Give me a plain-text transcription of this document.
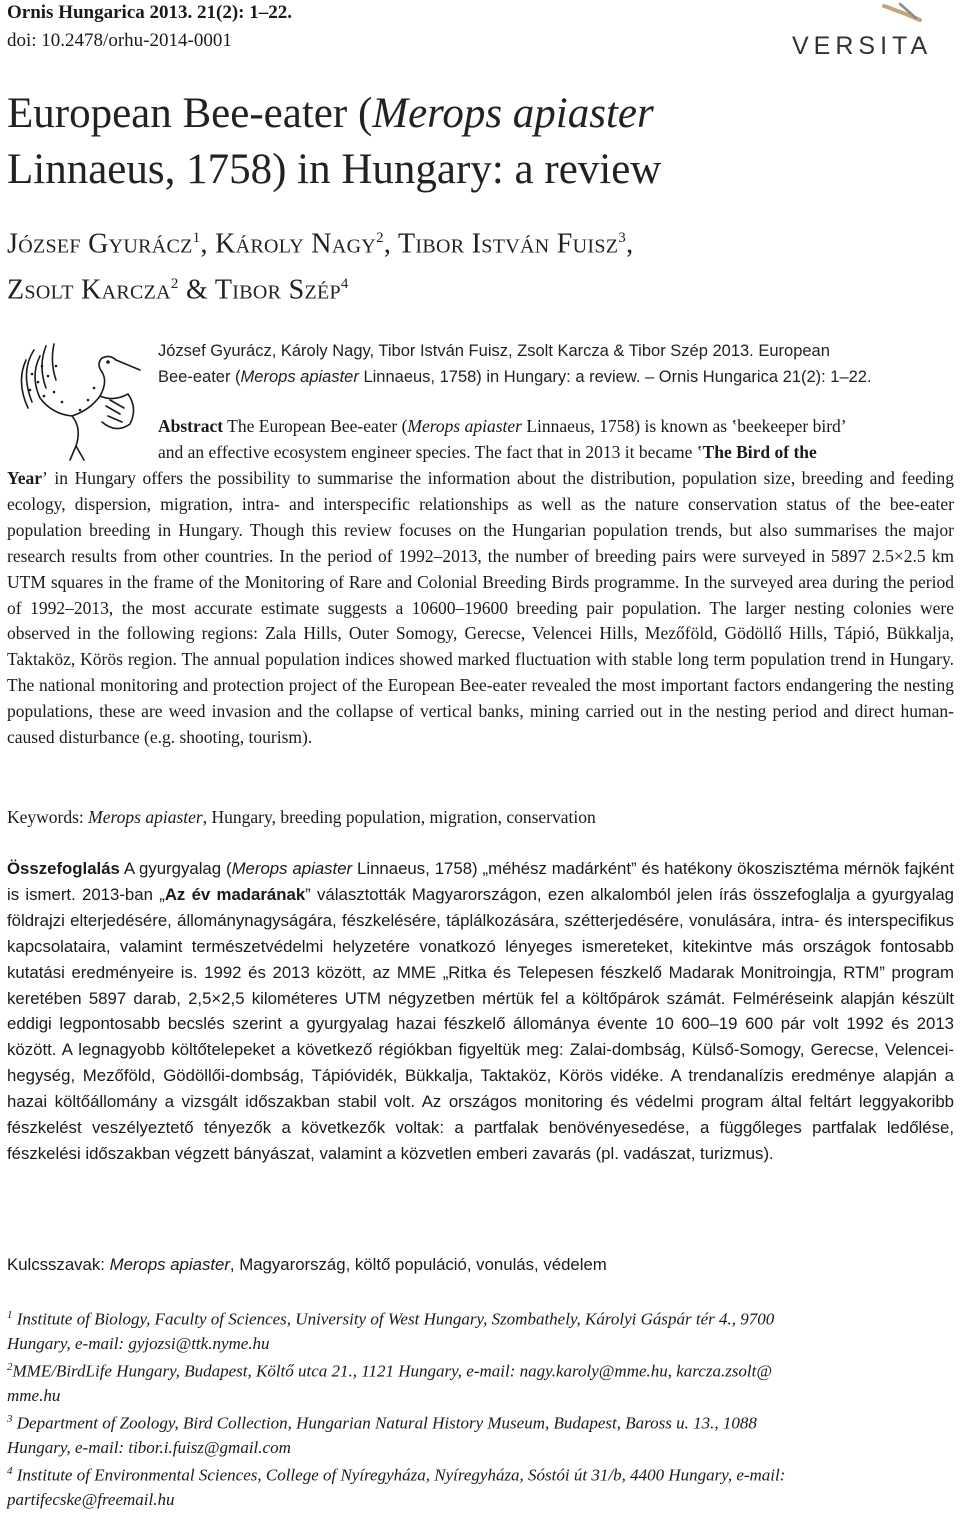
Ornis Hungarica 2013. 21(2): 1–22.
doi: 10.2478/orhu-2014-0001	VERSITA
European Bee-eater (Merops apiaster
Linnaeus, 1758) in Hungary: a review
József Gyurácz$^1$, Károly Nagy$^2$, Tibor István Fuisz$^3$,
Zsolt Karcza$^2$ & Tibor Szép$^4$
József Gyurácz, Károly Nagy, Tibor István Fuisz, Zsolt Karcza & Tibor Szép 2013. European
Bee-eater (Merops apiaster Linnaeus, 1758) in Hungary: a review. – Ornis Hungarica 21(2): 1–22.
Abstract The European Bee-eater (Merops apiaster Linnaeus, 1758) is known as ʽbeekeeper birdʼ
and an effective ecosystem engineer species. The fact that in 2013 it became ʽThe Bird of the
Yearʼ in Hungary offers the possibility to summarise the information about the distribution, population size, breeding and feeding ecology, dispersion, migration, intra- and interspecific relationships as well as the nature conservation status of the bee-eater population breeding in Hungary. Though this review focuses on the Hungarian population trends, but also summarises the major research results from other countries. In the period of 1992–2013, the number of breeding pairs were surveyed in 5897 2.5×2.5 km UTM squares in the frame of the Monitoring of Rare and Colonial Breeding Birds programme. In the surveyed area during the period of 1992–2013, the most accurate estimate suggests a 10600–19600 breeding pair population. The larger nesting colonies were observed in the following regions: Zala Hills, Outer Somogy, Gerecse, Velencei Hills, Mezőföld, Gödöllő Hills, Tápió, Bükkalja, Taktaköz, Körös region. The annual population indices showed marked fluctuation with stable long term population trend in Hungary. The national monitoring and protection project of the European Bee-eater revealed the most important factors endangering the nesting populations, these are weed invasion and the collapse of vertical banks, mining carried out in the nesting period and direct human-caused disturbance (e.g. shooting, tourism).
Keywords: Merops apiaster, Hungary, breeding population, migration, conservation
Összefoglalás A gyurgyalag (Merops apiaster Linnaeus, 1758) „méhész madárként” és hatékony ökoszisztéma mérnök fajként is ismert. 2013-ban „Az év madarának” választották Magyarországon, ezen alkalomból jelen írás összefoglalja a gyurgyalag földrajzi elterjedésére, állománynagyságára, fészkelésére, táplálkozására, szétterjedésére, vonulására, intra- és interspecifikus kapcsolataira, valamint természetvédelmi helyzetére vonatkozó lényeges ismereteket, kitekintve más országok fontosabb kutatási eredményeire is. 1992 és 2013 között, az MME „Ritka és Telepesen fészkelő Madarak Monitroingja, RTM” program keretében 5897 darab, 2,5×2,5 kilométeres UTM négyzetben mértük fel a költőpárok számát. Felméréseink alapján készült eddigi legpontosabb becslés szerint a gyurgyalag hazai fészkelő állománya évente 10 600–19 600 pár volt 1992 és 2013 között. A legnagyobb költőtelepeket a következő régiókban figyeltük meg: Zalai-dombság, Külső-Somogy, Gerecse, Velencei-hegység, Mezőföld, Gödöllői-dombság, Tápióvidék, Bükkalja, Taktaköz, Körös vidéke. A trendanalízis eredménye alapján a hazai költőállomány a vizsgált időszakban stabil volt. Az országos monitoring és védelmi program által feltárt leggyakoribb fészkelést veszélyeztető tényezők a következők voltak: a partfalak benövényesedése, a függőleges partfalak ledőlése, fészkelési időszakban végzett bányászat, valamint a közvetlen emberi zavarás (pl. vadászat, turizmus).
Kulcsszavak: Merops apiaster, Magyarország, költő populáció, vonulás, védelem
$^1$ Institute of Biology, Faculty of Sciences, University of West Hungary, Szombathely, Károlyi Gáspár tér 4., 9700
Hungary, e-mail: gyjozsi@ttk.nyme.hu
$^2$MME/BirdLife Hungary, Budapest, Költő utca 21., 1121 Hungary, e-mail: nagy.karoly@mme.hu, karcza.zsolt@
mme.hu
$^3$ Department of Zoology, Bird Collection, Hungarian Natural History Museum, Budapest, Baross u. 13., 1088
Hungary, e-mail: tibor.i.fuisz@gmail.com
$^4$ Institute of Environmental Sciences, College of Nyíregyháza, Nyíregyháza, Sóstói út 31/b, 4400 Hungary, e-mail:
partifecske@freemail.hu
